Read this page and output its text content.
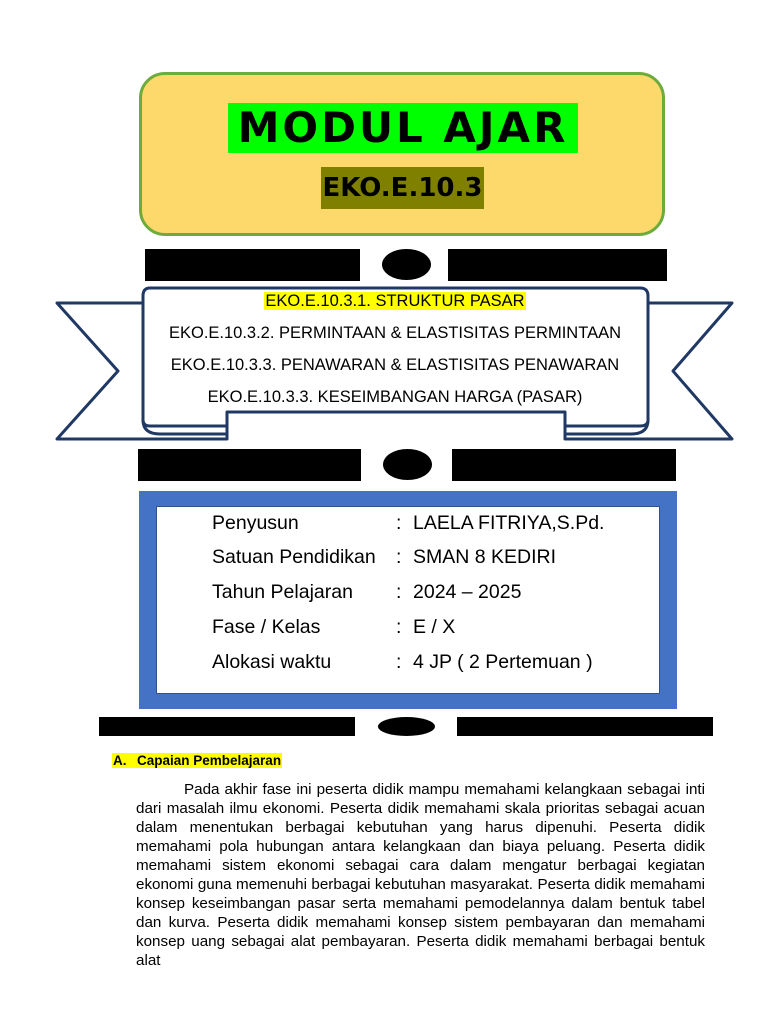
MODUL AJAR
EKO.E.10.3
EKO.E.10.3.1. STRUKTUR PASAR
EKO.E.10.3.2. PERMINTAAN & ELASTISITAS PERMINTAAN
EKO.E.10.3.3. PENAWARAN & ELASTISITAS PENAWARAN
EKO.E.10.3.3. KESEIMBANGAN HARGA (PASAR)
Penyusun	: LAELA FITRIYA,S.Pd.
Satuan Pendidikan : SMAN 8 KEDIRI
Tahun Pelajaran : 2024 – 2025
Fase / Kelas	: E / X
Alokasi waktu	: 4 JP ( 2 Pertemuan )
A. Capaian Pembelajaran
Pada akhir fase ini peserta didik mampu memahami kelangkaan sebagai inti dari masalah ilmu ekonomi. Peserta didik memahami skala prioritas sebagai acuan dalam menentukan berbagai kebutuhan yang harus dipenuhi. Peserta didik memahami pola hubungan antara kelangkaan dan biaya peluang. Peserta didik memahami sistem ekonomi sebagai cara dalam mengatur berbagai kegiatan ekonomi guna memenuhi berbagai kebutuhan masyarakat. Peserta didik memahami konsep keseimbangan pasar serta memahami pemodelannya dalam bentuk tabel dan kurva. Peserta didik memahami konsep sistem pembayaran dan memahami konsep uang sebagai alat pembayaran. Peserta didik memahami berbagai bentuk alat
